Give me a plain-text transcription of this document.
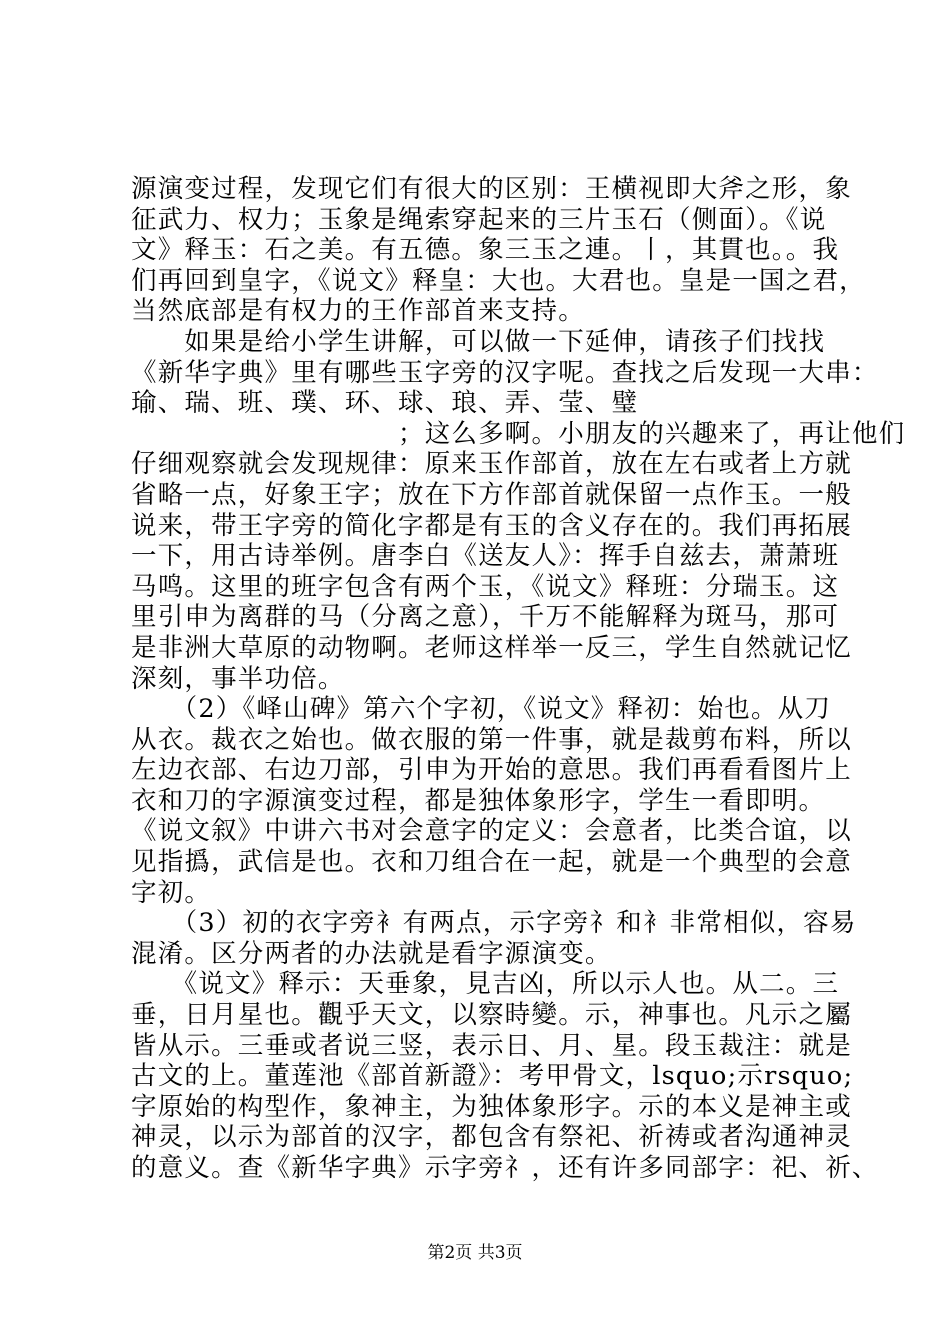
源演变过程，发现它们有很大的区别：王横视即大斧之形，象
征武力、权力；玉象是绳索穿起来的三片玉石（侧面）。《说
文》释玉：石之美。有五德。象三玉之連。丨，其貫也。。我
们再回到皇字，《说文》释皇：大也。大君也。皇是一国之君，
当然底部是有权力的王作部首来支持。
　　如果是给小学生讲解，可以做一下延伸，请孩子们找找
《新华字典》里有哪些玉字旁的汉字呢。查找之后发现一大串：
瑜、瑞、班、璞、环、球、琅、弄、莹、璧
　　　　　　　　　　；这么多啊。小朋友的兴趣来了，再让他们
仔细观察就会发现规律：原来玉作部首，放在左右或者上方就
省略一点，好象王字；放在下方作部首就保留一点作玉。一般
说来，带王字旁的简化字都是有玉的含义存在的。我们再拓展
一下，用古诗举例。唐李白《送友人》：挥手自兹去，萧萧班
马鸣。这里的班字包含有两个玉，《说文》释班：分瑞玉。这
里引申为离群的马（分离之意），千万不能解释为斑马，那可
是非洲大草原的动物啊。老师这样举一反三，学生自然就记忆
深刻，事半功倍。
　　（2）《峄山碑》第六个字初，《说文》释初：始也。从刀
从衣。裁衣之始也。做衣服的第一件事，就是裁剪布料，所以
左边衣部、右边刀部，引申为开始的意思。我们再看看图片上
衣和刀的字源演变过程，都是独体象形字，学生一看即明。
《说文叙》中讲六书对会意字的定义：会意者，比类合谊，以
见指撝，武信是也。衣和刀组合在一起，就是一个典型的会意
字初。
　　（3）初的衣字旁衤有两点，示字旁礻和衤非常相似，容易
混淆。区分两者的办法就是看字源演变。
　　《说文》释示：天垂象，見吉凶，所以示人也。从二。三
垂，日月星也。觀乎天文，以察時變。示，神事也。凡示之屬
皆从示。三垂或者说三竖，表示日、月、星。段玉裁注：就是
古文的上。董莲池《部首新證》：考甲骨文，lsquo;示rsquo;
字原始的构型作，象神主，为独体象形字。示的本义是神主或
神灵，以示为部首的汉字，都包含有祭祀、祈祷或者沟通神灵
的意义。查《新华字典》示字旁礻，还有许多同部字：祀、祈、
第2页 共3页
